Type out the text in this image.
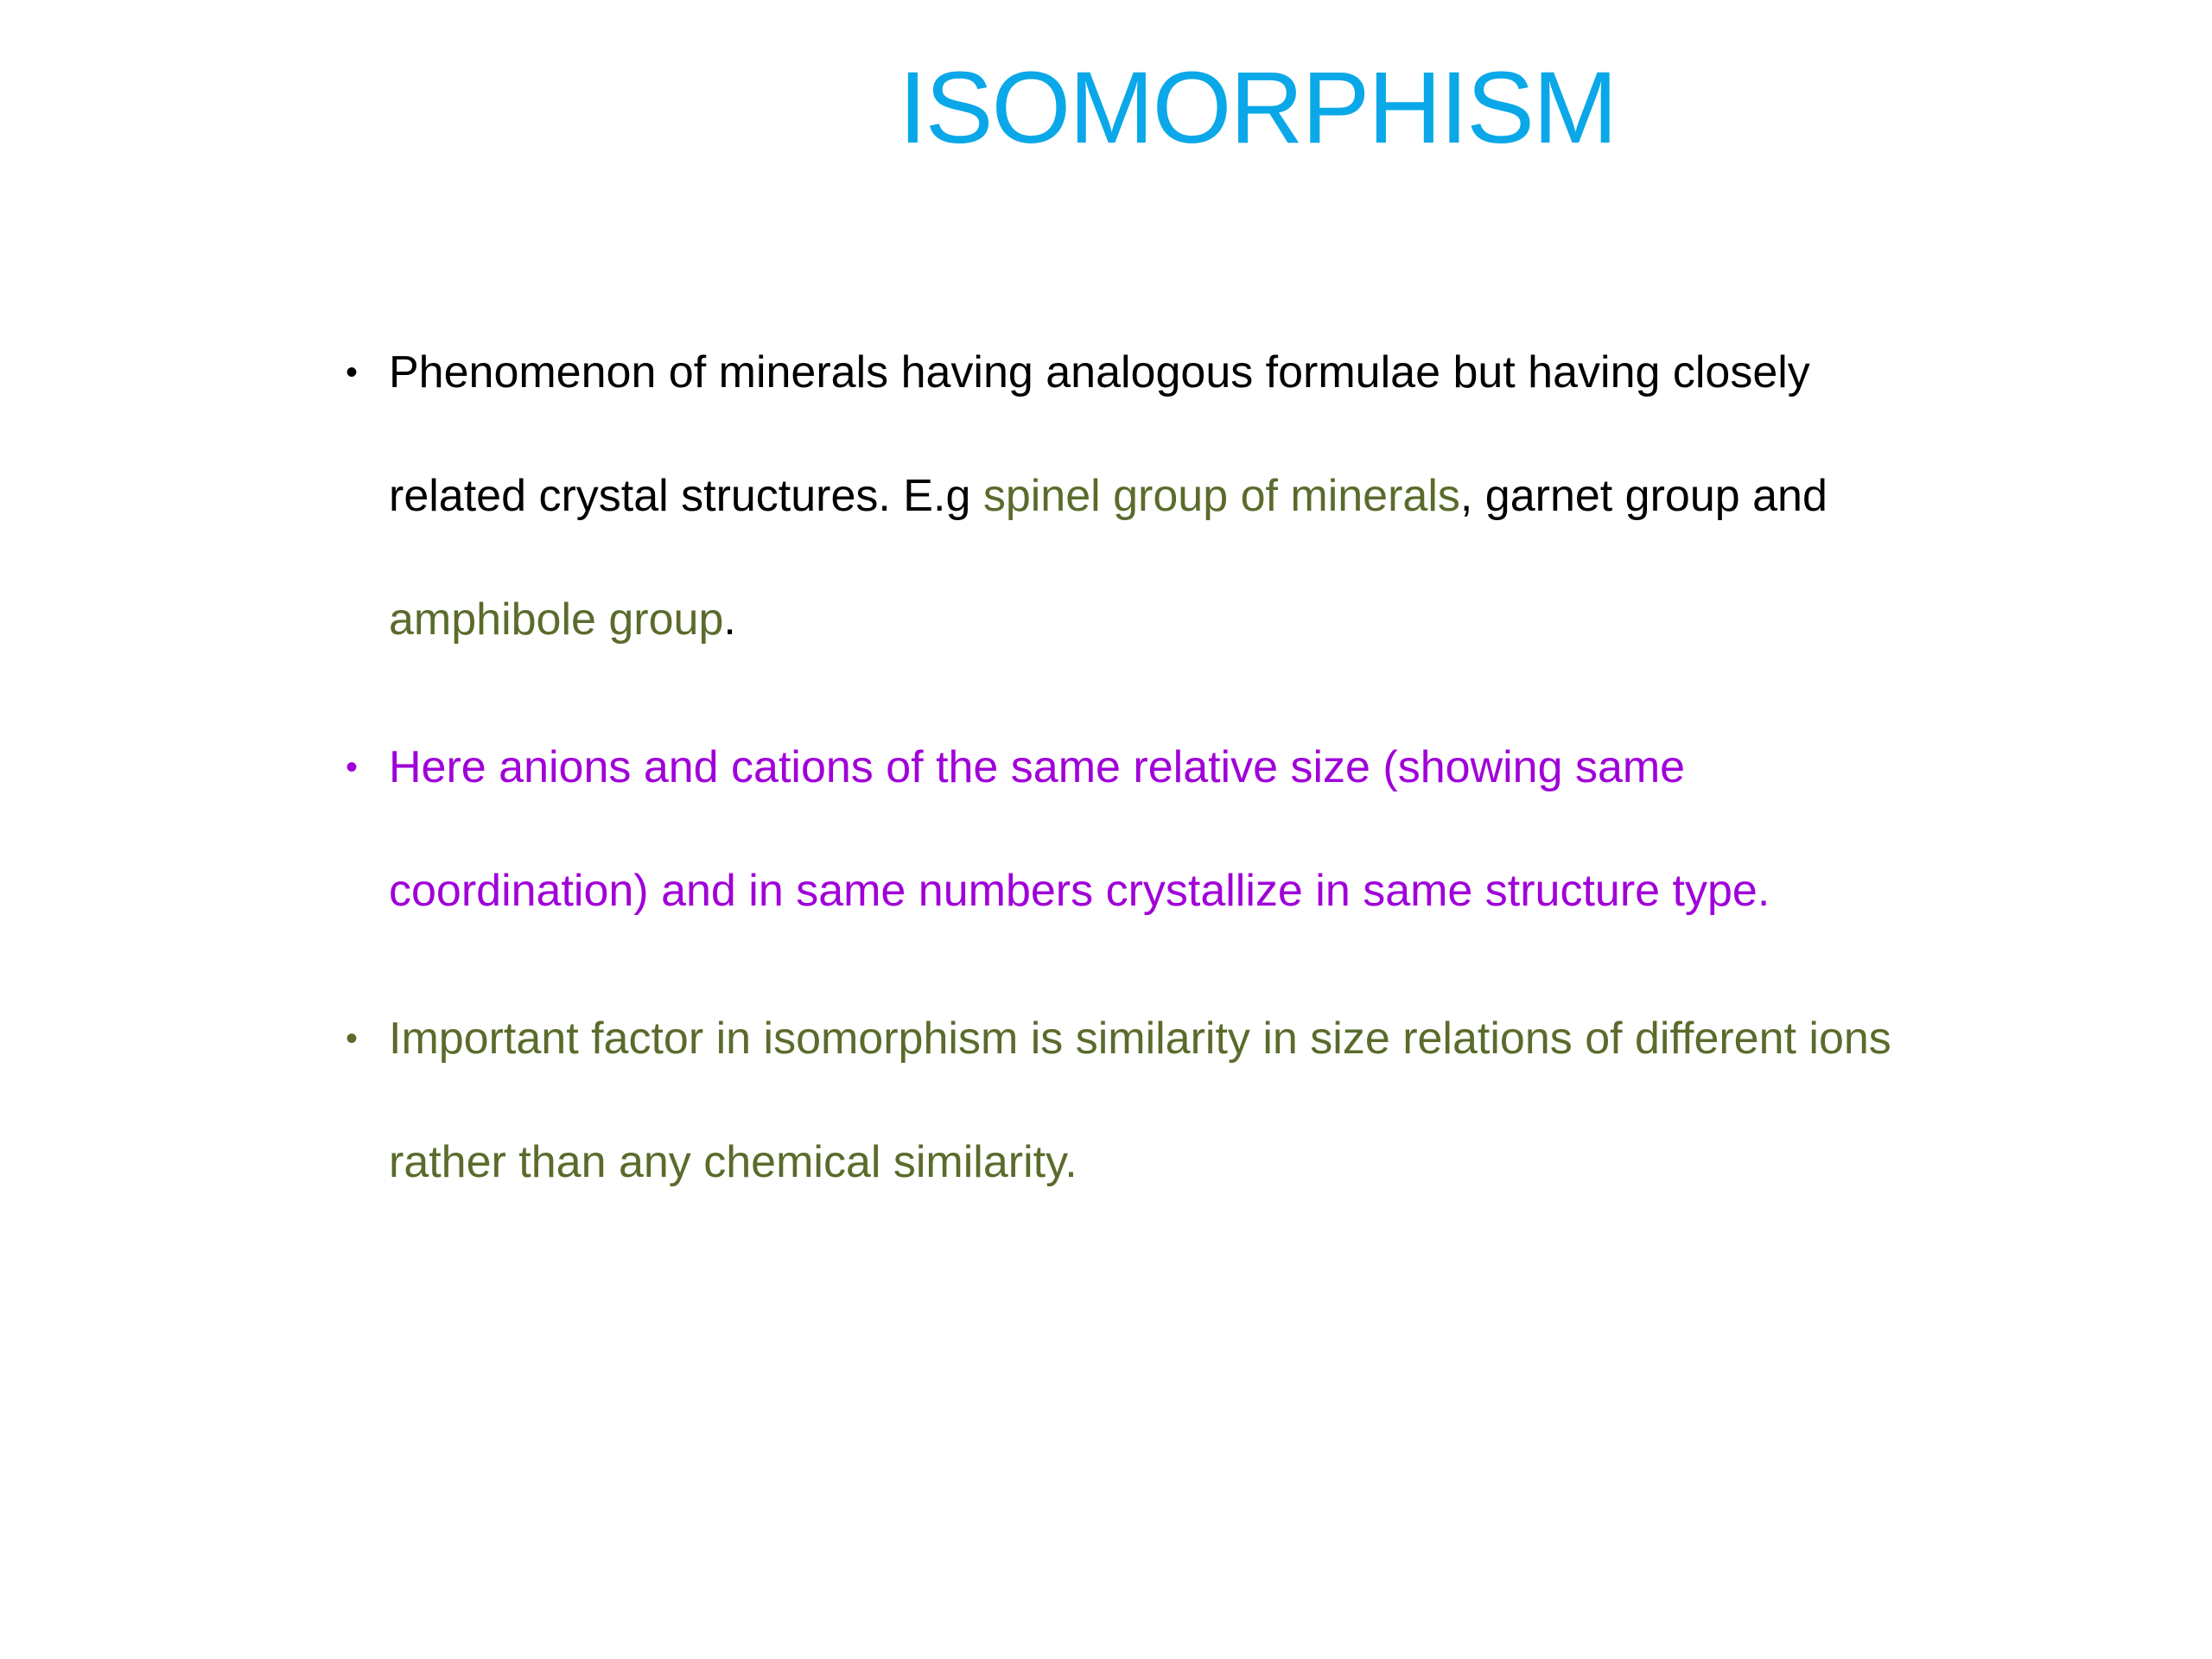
ISOMORPHISM
• Phenomenon of minerals having analogous formulae but having closely related crystal structures. E.g spinel group of minerals, garnet group and amphibole group.
• Here anions and cations of the same relative size (showing same coordination) and in same numbers crystallize in same structure type.
• Important factor in isomorphism is similarity in size relations of different ions rather than any chemical similarity.
